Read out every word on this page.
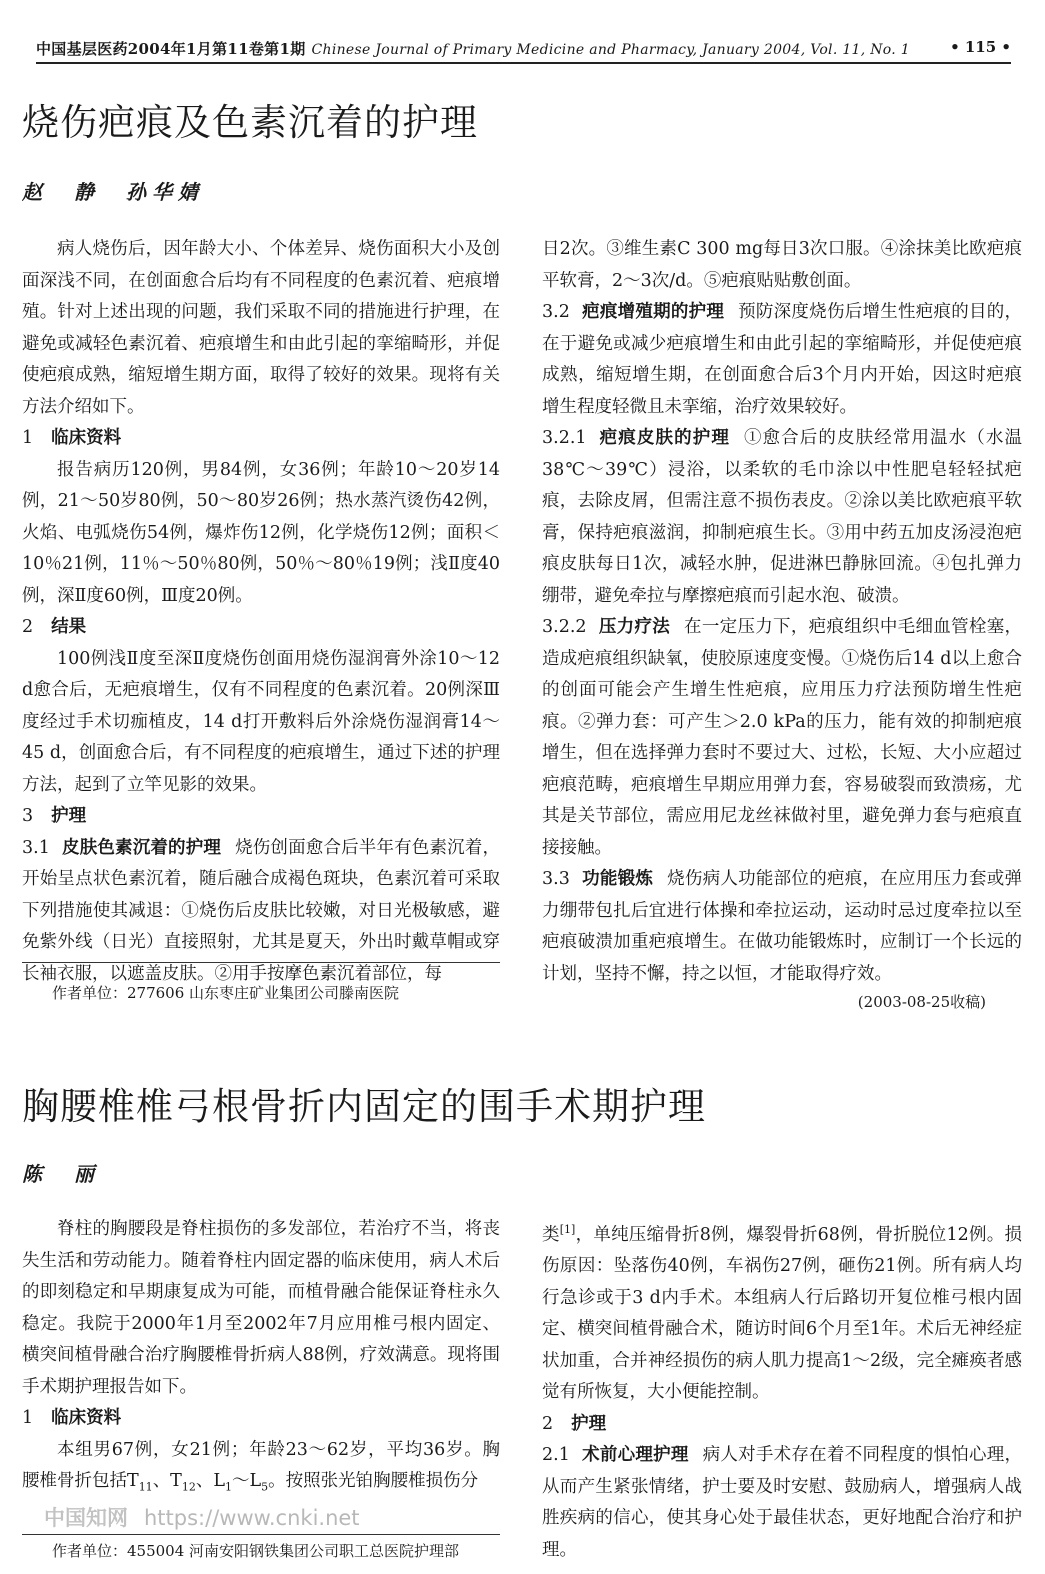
中国基层医药2004年1月第11卷第1期 Chinese Journal of Primary Medicine and Pharmacy, January 2004, Vol. 11, No. 1	• 115 •
烧伤疤痕及色素沉着的护理
赵　静　孙华婧

病人烧伤后，因年龄大小、个体差异、烧伤面积大小及创面深浅不同，在创面愈合后均有不同程度的色素沉着、疤痕增殖。针对上述出现的问题，我们采取不同的措施进行护理，在避免或减轻色素沉着、疤痕增生和由此引起的挛缩畸形，并促使疤痕成熟，缩短增生期方面，取得了较好的效果。现将有关方法介绍如下。

1 临床资料

报告病历120例，男84例，女36例；年龄10～20岁14例，21～50岁80例，50～80岁26例；热水蒸汽烫伤42例，火焰、电弧烧伤54例，爆炸伤12例，化学烧伤12例；面积＜10％21例，11％～50％80例，50％～80％19例；浅Ⅱ度40例，深Ⅱ度60例，Ⅲ度20例。

2 结果

100例浅Ⅱ度至深Ⅱ度烧伤创面用烧伤湿润膏外涂10～12 d愈合后，无疤痕增生，仅有不同程度的色素沉着。20例深Ⅲ度经过手术切痂植皮，14 d打开敷料后外涂烧伤湿润膏14～45 d，创面愈合后，有不同程度的疤痕增生，通过下述的护理方法，起到了立竿见影的效果。

3 护理

3.1 皮肤色素沉着的护理 烧伤创面愈合后半年有色素沉着，开始呈点状色素沉着，随后融合成褐色斑块，色素沉着可采取下列措施使其减退：①烧伤后皮肤比较嫩，对日光极敏感，避免紫外线（日光）直接照射，尤其是夏天，外出时戴草帽或穿长袖衣服，以遮盖皮肤。②用手按摩色素沉着部位，每

日2次。③维生素C 300 mg每日3次口服。④涂抹美比欧疤痕平软膏，2～3次/d。⑤疤痕贴贴敷创面。

3.2 疤痕增殖期的护理 预防深度烧伤后增生性疤痕的目的，在于避免或减少疤痕增生和由此引起的挛缩畸形，并促使疤痕成熟，缩短增生期，在创面愈合后3个月内开始，因这时疤痕增生程度轻微且未挛缩，治疗效果较好。

3.2.1 疤痕皮肤的护理 ①愈合后的皮肤经常用温水（水温38℃～39℃）浸浴，以柔软的毛巾涂以中性肥皂轻轻拭疤痕，去除皮屑，但需注意不损伤表皮。②涂以美比欧疤痕平软膏，保持疤痕滋润，抑制疤痕生长。③用中药五加皮汤浸泡疤痕皮肤每日1次，减轻水肿，促进淋巴静脉回流。④包扎弹力绷带，避免牵拉与摩擦疤痕而引起水泡、破溃。

3.2.2 压力疗法 在一定压力下，疤痕组织中毛细血管栓塞，造成疤痕组织缺氧，使胶原速度变慢。①烧伤后14 d以上愈合的创面可能会产生增生性疤痕，应用压力疗法预防增生性疤痕。②弹力套：可产生＞2.0 kPa的压力，能有效的抑制疤痕增生，但在选择弹力套时不要过大、过松，长短、大小应超过疤痕范畴，疤痕增生早期应用弹力套，容易破裂而致溃疡，尤其是关节部位，需应用尼龙丝袜做衬里，避免弹力套与疤痕直接接触。

3.3 功能锻炼 烧伤病人功能部位的疤痕，在应用压力套或弹力绷带包扎后宜进行体操和牵拉运动，运动时忌过度牵拉以至疤痕破溃加重疤痕增生。在做功能锻炼时，应制订一个长远的计划，坚持不懈，持之以恒，才能取得疗效。

(2003-08-25收稿)

作者单位：277606 山东枣庄矿业集团公司滕南医院
胸腰椎椎弓根骨折内固定的围手术期护理
陈　丽

脊柱的胸腰段是脊柱损伤的多发部位，若治疗不当，将丧失生活和劳动能力。随着脊柱内固定器的临床使用，病人术后的即刻稳定和早期康复成为可能，而植骨融合能保证脊柱永久稳定。我院于2000年1月至2002年7月应用椎弓根内固定、横突间植骨融合治疗胸腰椎骨折病人88例，疗效满意。现将围手术期护理报告如下。

1 临床资料

本组男67例，女21例；年龄23～62岁，平均36岁。胸腰椎骨折包括$T_{11}$、$T_{12}$、$L_1\sim L_5$。按照张光铂胸腰椎损伤分

类[1]，单纯压缩骨折8例，爆裂骨折68例，骨折脱位12例。损伤原因：坠落伤40例，车祸伤27例，砸伤21例。所有病人均行急诊或于3 d内手术。本组病人行后路切开复位椎弓根内固定、横突间植骨融合术，随访时间6个月至1年。术后无神经症状加重，合并神经损伤的病人肌力提高1～2级，完全瘫痪者感觉有所恢复，大小便能控制。

2 护理

2.1 术前心理护理 病人对手术存在着不同程度的惧怕心理，从而产生紧张情绪，护士要及时安慰、鼓励病人，增强病人战胜疾病的信心，使其身心处于最佳状态，更好地配合治疗和护理。

作者单位：455004 河南安阳钢铁集团公司职工总医院护理部
中国知网 https://www.cnki.net
